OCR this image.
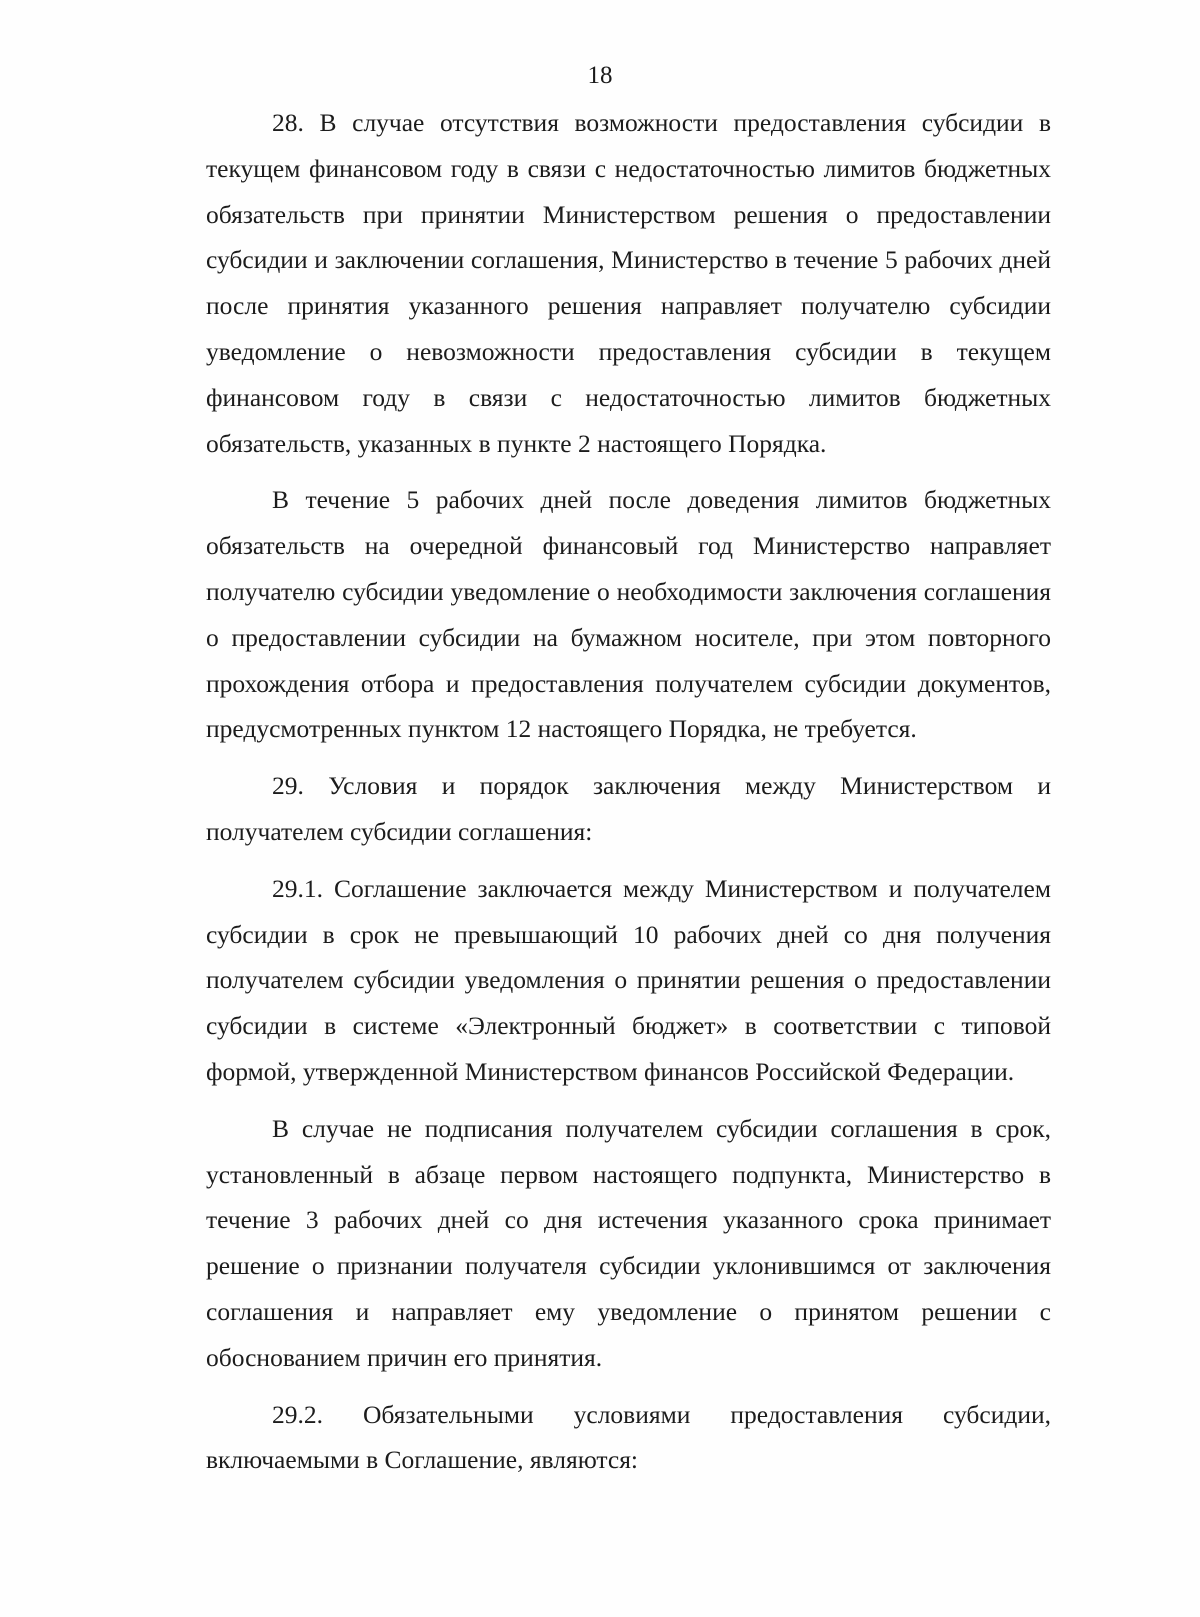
18

28. В случае отсутствия возможности предоставления субсидии в текущем финансовом году в связи с недостаточностью лимитов бюджетных обязательств при принятии Министерством решения о предоставлении субсидии и заключении соглашения, Министерство в течение 5 рабочих дней после принятия указанного решения направляет получателю субсидии уведомление о невозможности предоставления субсидии в текущем финансовом году в связи с недостаточностью лимитов бюджетных обязательств, указанных в пункте 2 настоящего Порядка.

В течение 5 рабочих дней после доведения лимитов бюджетных обязательств на очередной финансовый год Министерство направляет получателю субсидии уведомление о необходимости заключения соглашения о предоставлении субсидии на бумажном носителе, при этом повторного прохождения отбора и предоставления получателем субсидии документов, предусмотренных пунктом 12 настоящего Порядка, не требуется.

29. Условия и порядок заключения между Министерством и получателем субсидии соглашения:

29.1. Соглашение заключается между Министерством и получателем субсидии в срок не превышающий 10 рабочих дней со дня получения получателем субсидии уведомления о принятии решения о предоставлении субсидии в системе «Электронный бюджет» в соответствии с типовой формой, утвержденной Министерством финансов Российской Федерации.

В случае не подписания получателем субсидии соглашения в срок, установленный в абзаце первом настоящего подпункта, Министерство в течение 3 рабочих дней со дня истечения указанного срока принимает решение о признании получателя субсидии уклонившимся от заключения соглашения и направляет ему уведомление о принятом решении с обоснованием причин его принятия.

29.2. Обязательными условиями предоставления субсидии, включаемыми в Соглашение, являются:
